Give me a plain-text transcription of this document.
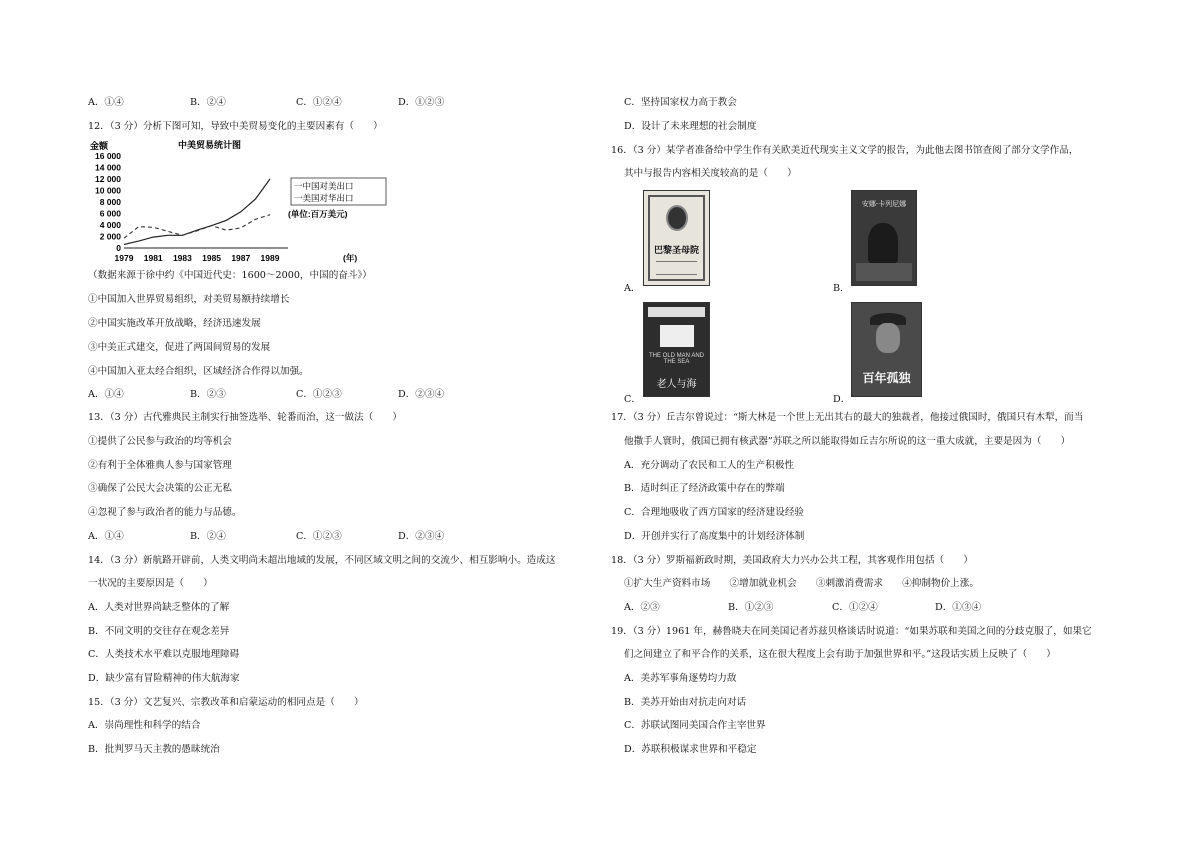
A．①④	B．②④	C．①②④	D．①②③
12．（3 分）分析下图可知，导致中美贸易变化的主要因素有（　　）
金额	中美贸易统计图
16 000
14 000
12 000
10 000
8 000
6 000
4 000
2 000
0
1979 1981 1983 1985 1987 1989
一中国对美出口
一美国对华出口
(单位:百万美元)
(年)
（数据来源于徐中约《中国近代史：1600～2000，中国的奋斗》）
①中国加入世界贸易组织，对美贸易额持续增长
②中国实施改革开放战略，经济迅速发展
③中美正式建交，促进了两国间贸易的发展
④中国加入亚太经合组织，区域经济合作得以加强。
A．①④	B．②③	C．①②③	D．②③④
13．（3 分）古代雅典民主制实行抽签选举、轮番而治，这一做法（　　）
①提供了公民参与政治的均等机会
②有利于全体雅典人参与国家管理
③确保了公民大会决策的公正无私
④忽视了参与政治者的能力与品德。
A．①④	B．②④	C．①②③	D．②③④
14．（3 分）新航路开辟前，人类文明尚未超出地域的发展，不同区域文明之间的交流少、相互影响小。造成这
一状况的主要原因是（　　）
A．人类对世界尚缺乏整体的了解
B．不同文明的交往存在观念差异
C．人类技术水平难以克服地理障碍
D．缺少富有冒险精神的伟大航海家
15．（3 分）文艺复兴、宗教改革和启蒙运动的相同点是（　　）
A．崇尚理性和科学的结合
B．批判罗马天主教的愚昧统治
C．坚持国家权力高于教会
D．设计了未来理想的社会制度
16．（3 分）某学者准备给中学生作有关欧美近代现实主义文学的报告，为此他去图书馆查阅了部分文学作品，
其中与报告内容相关度较高的是（　　）
巴黎圣母院
A．
安娜·卡列尼娜
B．
THE OLD MAN AND THE SEA
老人与海
C．
百年孤独
D．
17．（3 分）丘吉尔曾说过：“斯大林是一个世上无出其右的最大的独裁者，他接过俄国时，俄国只有木犁，而当
他撒手人寰时，俄国已拥有核武器”苏联之所以能取得如丘吉尔所说的这一重大成就，主要是因为（　　）
A．充分调动了农民和工人的生产积极性
B．适时纠正了经济政策中存在的弊端
C．合理地吸收了西方国家的经济建设经验
D．开创并实行了高度集中的计划经济体制
18．（3 分）罗斯福新政时期，美国政府大力兴办公共工程，其客观作用包括（　　）
①扩大生产资料市场　　②增加就业机会　　③刺激消费需求　　④抑制物价上涨。
A．②③	B．①②③	C．①②④	D．①③④
19．（3 分）1961 年，赫鲁晓夫在同美国记者苏兹贝格谈话时说道：“如果苏联和美国之间的分歧克服了，如果它
们之间建立了和平合作的关系，这在很大程度上会有助于加强世界和平。”这段话实质上反映了（　　）
A．美苏军事角逐势均力敌
B．美苏开始由对抗走向对话
C．苏联试图同美国合作主宰世界
D．苏联积极谋求世界和平稳定
